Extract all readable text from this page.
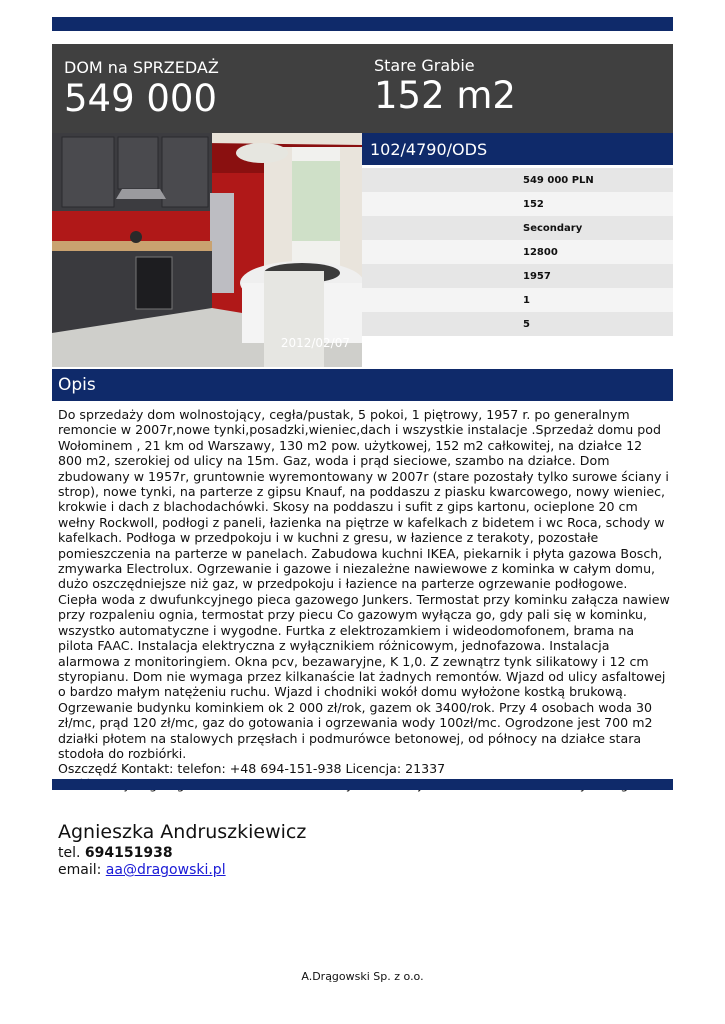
DOM na SPRZEDAŻ
549 000
Stare Grabie
152 m2
2012/02/07
102/4790/ODS
549 000 PLN
152
Secondary
12800
1957
1
5
Opis

Do sprzedaży dom wolnostojący, cegła/pustak, 5 pokoi, 1 piętrowy, 1957 r. po generalnym remoncie w 2007r,nowe tynki,posadzki,wieniec,dach i wszystkie instalacje .Sprzedaż domu pod Wołominem , 21 km od Warszawy, 130 m2 pow. użytkowej, 152 m2 całkowitej, na działce 12 800 m2, szerokiej od ulicy na 15m. Gaz, woda i prąd sieciowe, szambo na działce. Dom zbudowany w 1957r, gruntownie wyremontowany w 2007r (stare pozostały tylko surowe ściany i strop), nowe tynki, na parterze z gipsu Knauf, na poddaszu z piasku kwarcowego, nowy wieniec, krokwie i dach z blachodachówki. Skosy na poddaszu i sufit z gips kartonu, ocieplone 20 cm wełny Rockwoll, podłogi z paneli, łazienka na piętrze w kafelkach z bidetem i wc Roca, schody w kafelkach. Podłoga w przedpokoju i w kuchni z gresu, w łazience z terakoty, pozostałe pomieszczenia na parterze w panelach. Zabudowa kuchni IKEA, piekarnik i płyta gazowa Bosch, zmywarka Electrolux. Ogrzewanie i gazowe i niezależne nawiewowe z kominka w całym domu, dużo oszczędniejsze niż gaz, w przedpokoju i łazience na parterze ogrzewanie podłogowe. Ciepła woda z dwufunkcyjnego pieca gazowego Junkers. Termostat przy kominku załącza nawiew przy rozpaleniu ognia, termostat przy piecu Co gazowym wyłącza go, gdy pali się w kominku, wszystko automatyczne i wygodne. Furtka z elektrozamkiem i wideodomofonem, brama na pilota FAAC. Instalacja elektryczna z wyłącznikiem różnicowym, jednofazowa. Instalacja alarmowa z monitoringiem. Okna pcv, bezawaryjne, K 1,0. Z zewnątrz tynk silikatowy i 12 cm styropianu. Dom nie wymaga przez kilkanaście lat żadnych remontów. Wjazd od ulicy asfaltowej o bardzo małym natężeniu ruchu. Wjazd i chodniki wokół domu wyłożone kostką brukową. Ogrzewanie budynku kominkiem ok 2 000 zł/rok, gazem ok 3400/rok. Przy 4 osobach woda 30 zł/mc, prąd 120 zł/mc, gaz do gotowania i ogrzewania wody 100zł/mc. Ogrodzone jest 700 m2 działki płotem na stalowych przęsłach i podmurówce betonowej, od północy na działce stara stodoła do rozbiórki.

Oszczędź Kontakt: telefon: +48 694-151-938 Licencja: 21337

Agnieszka Andruszkiewicz
tel. 694151938
email: aa@dragowski.pl
A.Drągowski Sp. z o.o.
